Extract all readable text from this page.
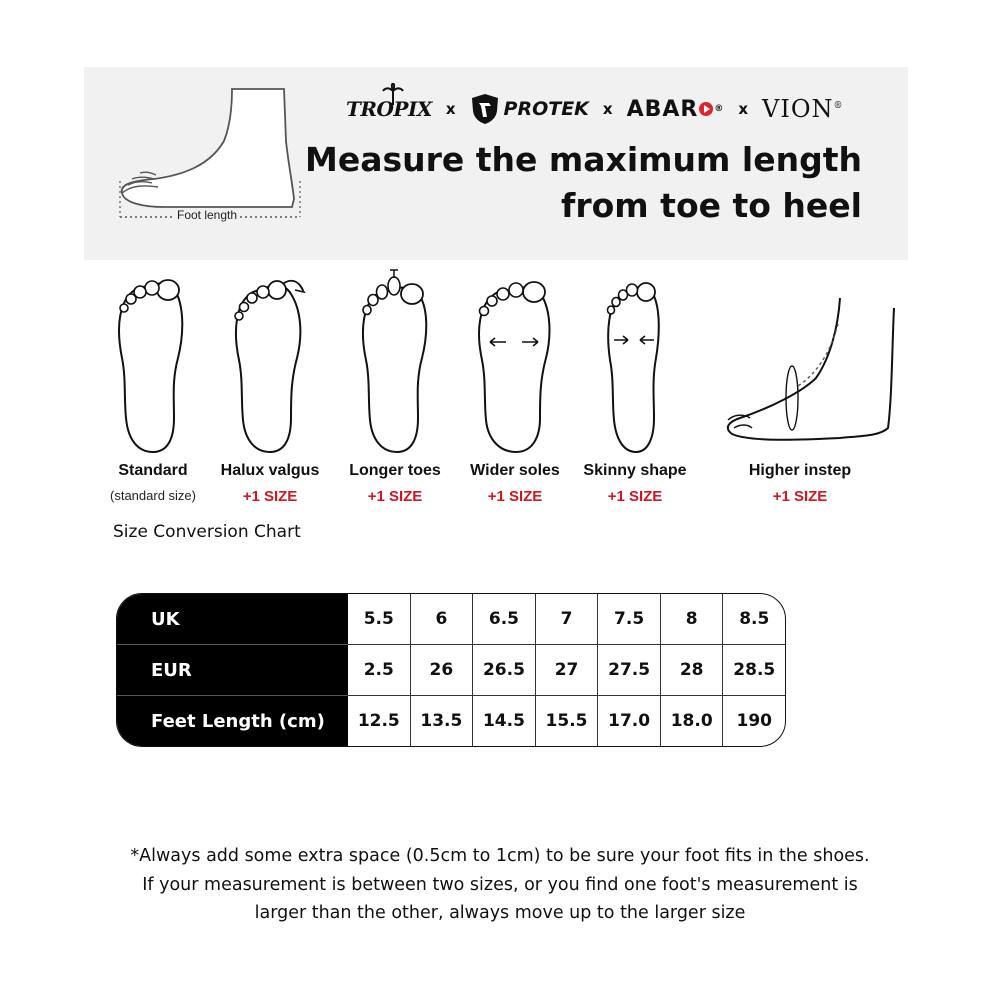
Foot length
TROPIX x	PROTEK x ABAR ® x VION®
Measure the maximum length
from toe to heel
Standard
(standard size)
Halux valgus
+1 SIZE
Longer toes
+1 SIZE
Wider soles
+1 SIZE
Skinny shape
+1 SIZE
Higher instep
+1 SIZE
Size Conversion Chart
UK
EUR
Feet Length (cm)
5.5
2.5
12.5
6
26
13.5
6.5
26.5
14.5
7
27
15.5
7.5
27.5
17.0
8
28
18.0
8.5
28.5
190
*Always add some extra space (0.5cm to 1cm) to be sure your foot fits in the shoes.
If your measurement is between two sizes, or you find one foot's measurement is
larger than the other, always move up to the larger size
